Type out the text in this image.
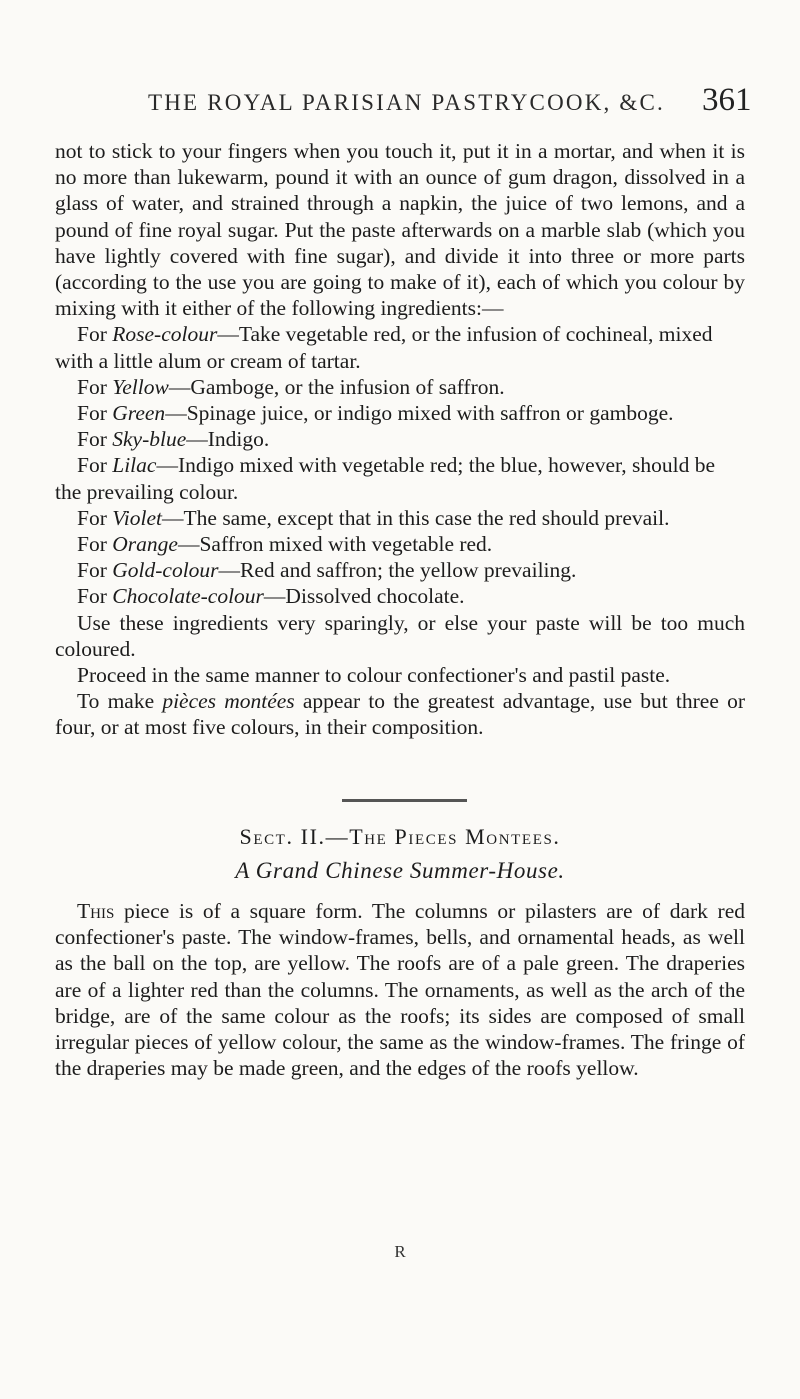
THE ROYAL PARISIAN PASTRYCOOK, &C. 361

not to stick to your fingers when you touch it, put it in a mortar, and when it is no more than lukewarm, pound it with an ounce of gum dragon, dissolved in a glass of water, and strained through a napkin, the juice of two lemons, and a pound of fine royal sugar. Put the paste afterwards on a marble slab (which you have lightly covered with fine sugar), and divide it into three or more parts (according to the use you are going to make of it), each of which you colour by mixing with it either of the following ingredients:—

For Rose-colour—Take vegetable red, or the infusion of cochineal, mixed with a little alum or cream of tartar.

For Yellow—Gamboge, or the infusion of saffron.

For Green—Spinage juice, or indigo mixed with saffron or gamboge.

For Sky-blue—Indigo.

For Lilac—Indigo mixed with vegetable red; the blue, however, should be the prevailing colour.

For Violet—The same, except that in this case the red should prevail.

For Orange—Saffron mixed with vegetable red.

For Gold-colour—Red and saffron; the yellow prevailing.

For Chocolate-colour—Dissolved chocolate.

Use these ingredients very sparingly, or else your paste will be too much coloured.

Proceed in the same manner to colour confectioner's and pastil paste.

To make pièces montées appear to the greatest advantage, use but three or four, or at most five colours, in their composition.

Sect. II.—The Pieces Montees.
A Grand Chinese Summer-House.

This piece is of a square form. The columns or pilasters are of dark red confectioner's paste. The window-frames, bells, and ornamental heads, as well as the ball on the top, are yellow. The roofs are of a pale green. The draperies are of a lighter red than the columns. The ornaments, as well as the arch of the bridge, are of the same colour as the roofs; its sides are composed of small irregular pieces of yellow colour, the same as the window-frames. The fringe of the draperies may be made green, and the edges of the roofs yellow.

R
